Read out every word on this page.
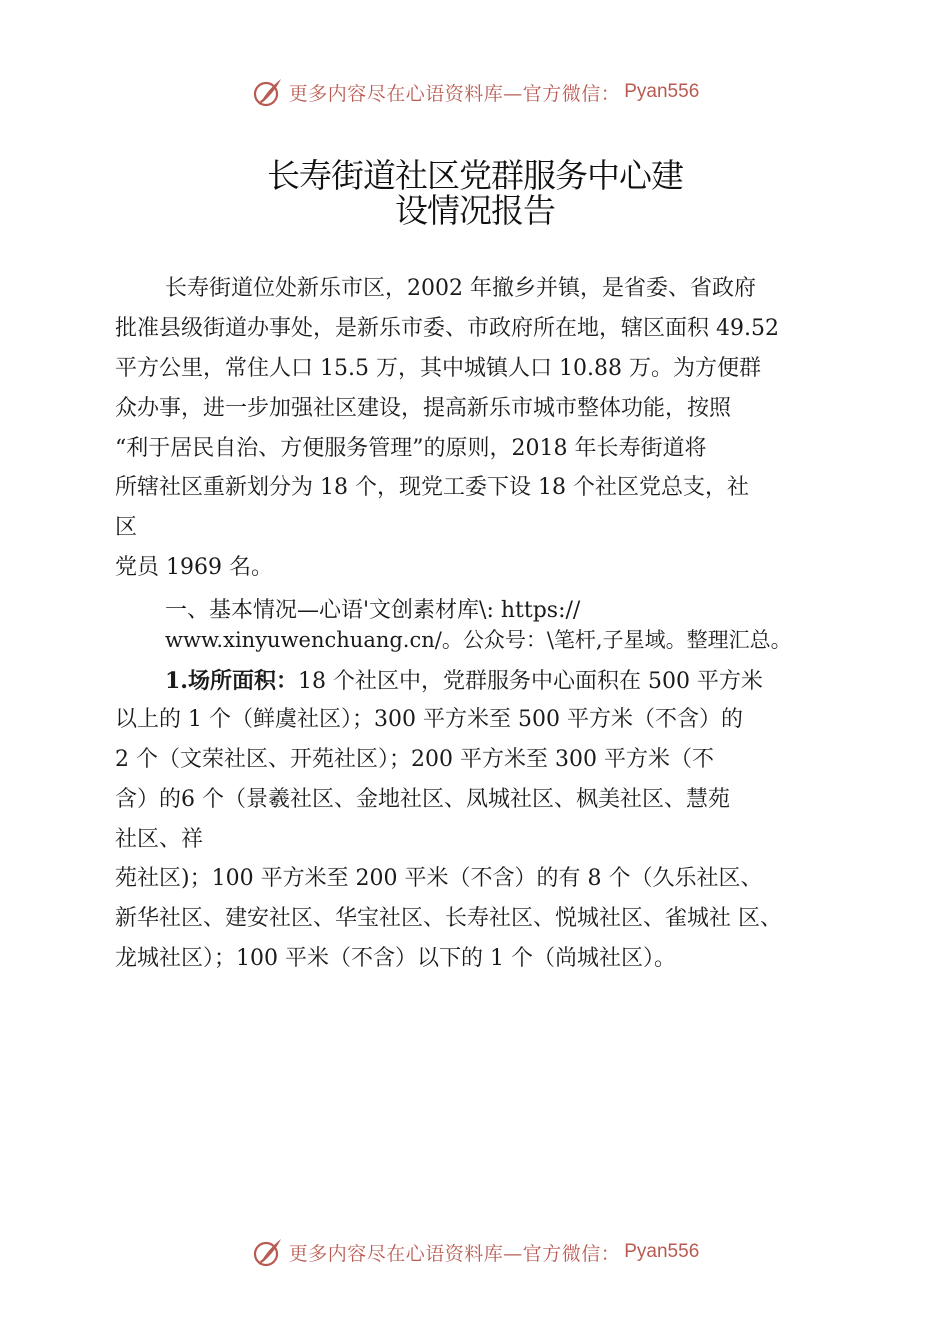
更多内容尽在心语资料库—官方微信： Pyan556
长寿街道社区党群服务中心建
设情况报告
长寿街道位处新乐市区，2002 年撤乡并镇，是省委、省政府
批准县级街道办事处，是新乐市委、市政府所在地，辖区面积 49.52
平方公里，常住人口 15.5 万，其中城镇人口 10.88 万。为方便群
众办事，进一步加强社区建设，提高新乐市城市整体功能，按照
“利于居民自治、方便服务管理”的原则，2018 年长寿街道将
所辖社区重新划分为 18 个，现党工委下设 18 个社区党总支，社
区
党员 1969 名。
一、基本情况—心语'文创素材库\: https://
www.xinyuwenchuang.cn/。公众号：\笔杆,子星域。整理汇总。
1.场所面积：18 个社区中，党群服务中心面积在 500 平方米
以上的 1 个（鲜虞社区）；300 平方米至 500 平方米（不含）的
2 个（文荣社区、开苑社区）；200 平方米至 300 平方米（不
含）的6 个（景羲社区、金地社区、凤城社区、枫美社区、慧苑
社区、祥
苑社区)；100 平方米至 200 平米（不含）的有 8 个（久乐社区、
新华社区、建安社区、华宝社区、长寿社区、悦城社区、雀城社 区、
龙城社区）；100 平米（不含）以下的 1 个（尚城社区）。
更多内容尽在心语资料库—官方微信： Pyan556
